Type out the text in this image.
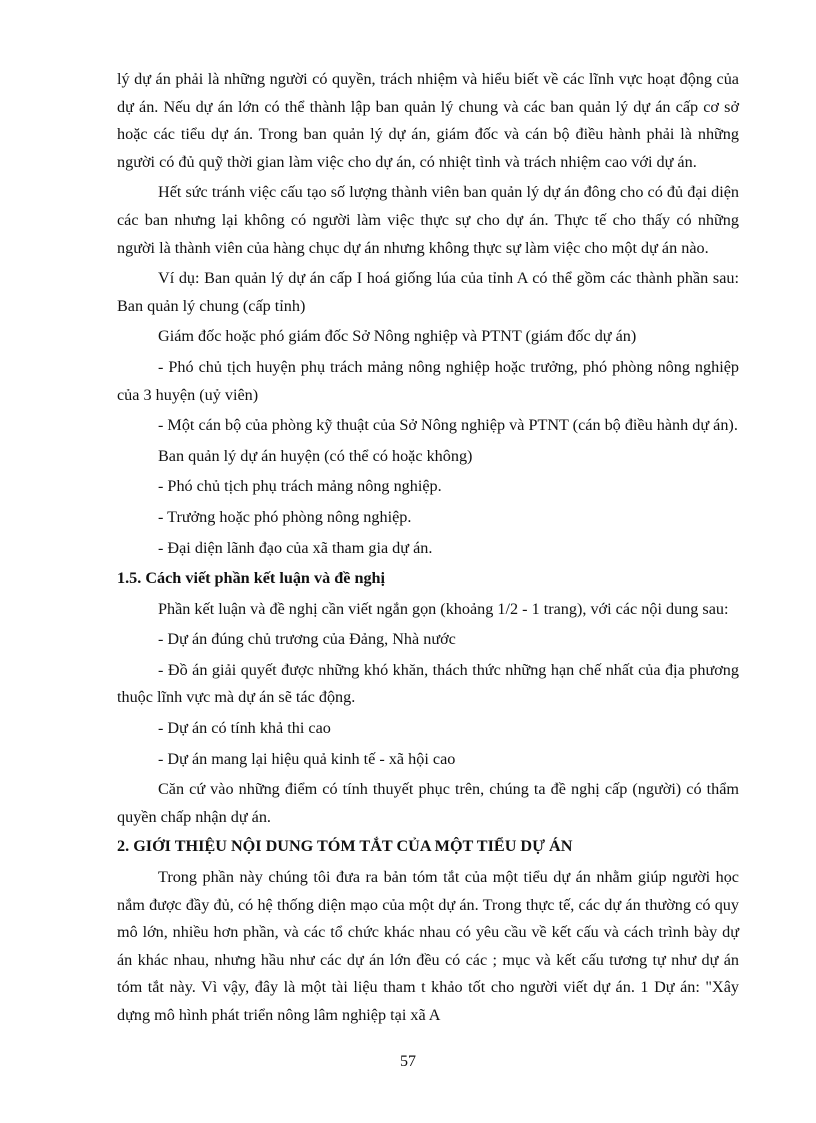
lý dự án phải là những người có quyền, trách nhiệm và hiểu biết về các lĩnh vực hoạt động của dự án. Nếu dự án lớn có thể thành lập ban quản lý chung và các ban quản lý dự án cấp cơ sở hoặc các tiểu dự án. Trong ban quản lý dự án, giám đốc và cán bộ điều hành phải là những người có đủ quỹ thời gian làm việc cho dự án, có nhiệt tình và trách nhiệm cao với dự án.

Hết sức tránh việc cấu tạo số lượng thành viên ban quản lý dự án đông cho có đủ đại diện các ban nhưng lại không có người làm việc thực sự cho dự án. Thực tế cho thấy có những người là thành viên của hàng chục dự án nhưng không thực sự làm việc cho một dự án nào.

Ví dụ: Ban quản lý dự án cấp I hoá giống lúa của tỉnh A có thể gồm các thành phần sau: Ban quản lý chung (cấp tỉnh)

Giám đốc hoặc phó giám đốc Sở Nông nghiệp và PTNT (giám đốc dự án)

- Phó chủ tịch huyện phụ trách mảng nông nghiệp hoặc trưởng, phó phòng nông nghiệp của 3 huyện (uỷ viên)

- Một cán bộ của phòng kỹ thuật của Sở Nông nghiệp và PTNT (cán bộ điều hành dự án).

Ban quản lý dự án huyện (có thể có hoặc không)

- Phó chủ tịch phụ trách mảng nông nghiệp.

- Trưởng hoặc phó phòng nông nghiệp.

- Đại diện lãnh đạo của xã tham gia dự án.

1.5. Cách viết phần kết luận và đề nghị

Phần kết luận và đề nghị cần viết ngắn gọn (khoảng 1/2 - 1 trang), với các nội dung sau:

- Dự án đúng chủ trương của Đảng, Nhà nước

- Đồ án giải quyết được những khó khăn, thách thức những hạn chế nhất của địa phương thuộc lĩnh vực mà dự án sẽ tác động.

- Dự án có tính khả thi cao

- Dự án mang lại hiệu quả kinh tế - xã hội cao

Căn cứ vào những điểm có tính thuyết phục trên, chúng ta đề nghị cấp (người) có thẩm quyền chấp nhận dự án.

2. GIỚI THIỆU NỘI DUNG TÓM TẮT CỦA MỘT TIỂU DỰ ÁN

Trong phần này chúng tôi đưa ra bản tóm tắt của một tiểu dự án nhằm giúp người học nắm được đầy đủ, có hệ thống diện mạo của một dự án. Trong thực tế, các dự án thường có quy mô lớn, nhiều hơn phần, và các tổ chức khác nhau có yêu cầu về kết cấu và cách trình bày dự án khác nhau, nhưng hầu như các dự án lớn đều có các ; mục và kết cấu tương tự như dự án tóm tắt này. Vì vậy, đây là một tài liệu tham t khảo tốt cho người viết dự án. 1 Dự án: "Xây dựng mô hình phát triển nông lâm nghiệp tại xã A

57
